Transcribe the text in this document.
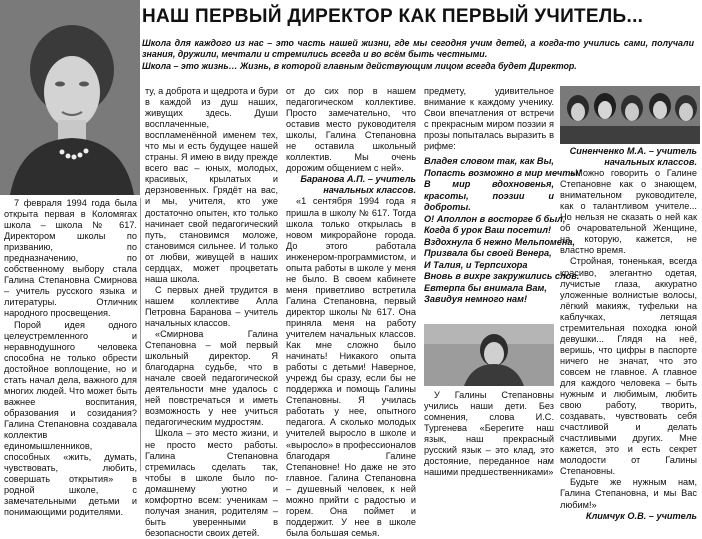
НАШ ПЕРВЫЙ ДИРЕКТОР КАК ПЕРВЫЙ УЧИТЕЛЬ...

Школа для каждого из нас – это часть нашей жизни, где мы сегодня учим детей, а когда-то учились сами, получали знания, дружили, мечтали и стремились всегда и во всём быть честными.

Школа – это жизнь… Жизнь, в которой главным действующим лицом всегда будет Директор.

7 февраля 1994 года была открыта первая в Коломягах школа – школа № 617. Директором школы по призванию, по предназначению, по собственному выбору стала Галина Степановна Смирнова – учитель русского языка и литературы. Отличник народного просвещения.

Порой идея одного целеустремленного и неравнодушного человека способна не только обрести достойное воплощение, но и стать начал дела, важного для многих людей. Что может быть важнее воспитания, образования и созидания? Галина Степановна создавала коллектив единомышленников, способных «жить, думать, чувствовать, любить, совершать открытия» в родной школе, с замечательными детьми и понимающими родителями.

ту, а доброта и щедрота и бури в каждой из душ наших, живущих здесь. Души восплаченные, воспламенённой именем тех, что мы и есть будущее нашей страны. Я имею в виду прежде всего вас – юных, молодых, красивых, крылатых и дерзновенных. Грядёт на вас, и мы, учителя, кто уже достаточно опытен, кто только начинает свой педагогический путь, становимся моложе, становимся сильнее. И только от любви, живущей в наших сердцах, может процветать наша школа.

С первых дней трудится в нашем коллективе Алла Петровна Баранова – учитель начальных классов.

«Смирнова Галина Степановна – мой первый школьный директор. Я благодарна судьбе, что в начале своей педагогической деятельности мне удалось с ней повстречаться и иметь возможность у нее учиться педагогическим мудростям.

Школа – это место жизни, и не просто место работы. Галина Степановна стремилась сделать так, чтобы в школе было по-домашнему уютно и комфортно всем: ученикам – получая знания, родителям – быть уверенными в безопасности своих детей.

от до сих пор в нашем педагогическом коллективе. Просто замечательно, что оставив место руководителя школы, Галина Степановна не оставила школьный коллектив. Мы очень дорожим общением с ней».

Баранова А.П. – учитель начальных классов.

«1 сентября 1994 года я пришла в школу № 617. Тогда школа только открылась в новом микрорайоне города. До этого работала инженером-программистом, и опыта работы в школе у меня не было. В своем кабинете меня приветливо встретила Галина Степановна, первый директор школы № 617. Она приняла меня на работу учителем начальных классов. Как мне сложно было начинать! Никакого опыта работы с детьми! Наверное, учрежд бы сразу, если бы не поддержка и помощь Галины Степановны. Я училась работать у нее, опытного педагога. А сколько молодых учителей выросло в школе и «выросло» в профессионалов благодаря Галине Степановне! Но даже не это главное. Галина Степановна – душевный человек, к ней можно прийти с радостью и горем. Она поймет и поддержит. У нее в школе была большая семья.

предмету, удивительное внимание к каждому ученику. Свои впечатления от встречи с прекрасным миром поэзии я прозы попыталась выразить в рифме:

Владея словом так, как Вы,
Попасть возможно в мир мечты!
В мир вдохновенья, красоты, поэзии и доброты.
О! Аполлон в восторге б был,
Когда б урок Ваш посетил!
Вздохнула б нежно Мельпомена,
Призвала бы своей Венера,
И Талия, и Терпсихора
Вновь в вихре закружились слов.
Евтерпа бы внимала Вам,
Завидуя немного нам!

У Галины Степановны учились наши дети. Без сомнения, слова И.С. Тургенева «Берегите наш язык, наш прекрасный русский язык – это клад, это достояние, переданное нам нашими предшественниками»

Синенченко М.А. – учитель начальных классов.

«Можно говорить о Галине Степановне как о знающем, внимательном руководителе, как о талантливом учителе... Но нельзя не сказать о ней как об очаровательной Женщине, на которую, кажется, не властно время.

Стройная, тоненькая, всегда красиво, элегантно одетая, лучистые глаза, аккуратно уложенные волнистые волосы, лёгкий макияж, туфельки на каблучках, летящая стремительная походка юной девушки... Глядя на неё, веришь, что цифры в паспорте ничего не значат, что это совсем не главное. А главное для каждого человека – быть нужным и любимым, любить свою работу, творить, создавать, чувствовать себя счастливой и делать счастливыми других. Мне кажется, это и есть секрет молодости от Галины Степановны.

Будьте же нужным нам, Галина Степановна, и мы Вас любим!»

Климчук О.В. – учитель
